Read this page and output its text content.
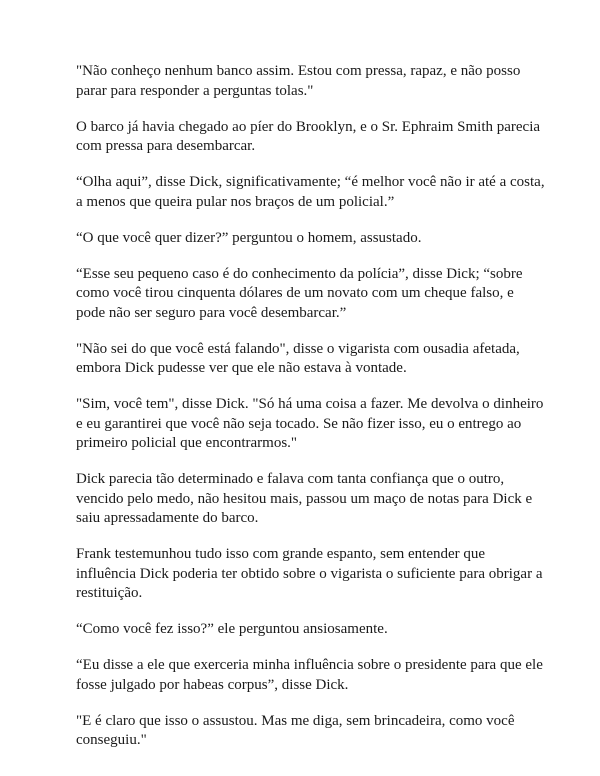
"Não conheço nenhum banco assim. Estou com pressa, rapaz, e não posso parar para responder a perguntas tolas."

O barco já havia chegado ao píer do Brooklyn, e o Sr. Ephraim Smith parecia com pressa para desembarcar.

“Olha aqui”, disse Dick, significativamente; “é melhor você não ir até a costa, a menos que queira pular nos braços de um policial.”

“O que você quer dizer?” perguntou o homem, assustado.

“Esse seu pequeno caso é do conhecimento da polícia”, disse Dick; “sobre como você tirou cinquenta dólares de um novato com um cheque falso, e pode não ser seguro para você desembarcar.”

"Não sei do que você está falando", disse o vigarista com ousadia afetada, embora Dick pudesse ver que ele não estava à vontade.

"Sim, você tem", disse Dick. "Só há uma coisa a fazer. Me devolva o dinheiro e eu garantirei que você não seja tocado. Se não fizer isso, eu o entrego ao primeiro policial que encontrarmos."

Dick parecia tão determinado e falava com tanta confiança que o outro, vencido pelo medo, não hesitou mais, passou um maço de notas para Dick e saiu apressadamente do barco.

Frank testemunhou tudo isso com grande espanto, sem entender que influência Dick poderia ter obtido sobre o vigarista o suficiente para obrigar a restituição.

“Como você fez isso?” ele perguntou ansiosamente.

“Eu disse a ele que exerceria minha influência sobre o presidente para que ele fosse julgado por habeas corpus”, disse Dick.

"E é claro que isso o assustou. Mas me diga, sem brincadeira, como você conseguiu."
